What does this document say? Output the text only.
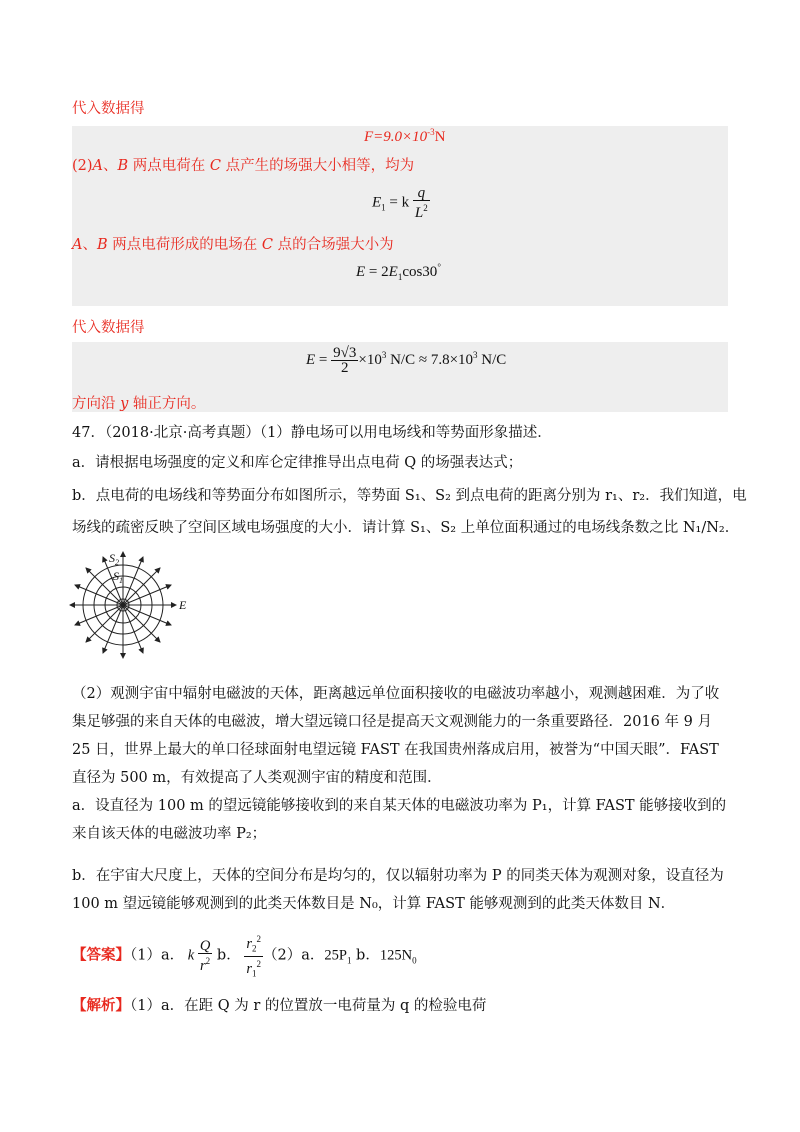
代入数据得
$F=9.0\times 10^{-3}N$
(2)A、B 两点电荷在 C 点产生的场强大小相等，均为
$E_1 = k \frac{q}{L^2}$
A、B 两点电荷形成的电场在 C 点的合场强大小为
$E = 2E_1\cos 30^\circ$
代入数据得
$E = \frac{9√3}{2} \times 10^3$ $N/C \approx 7.8\times 10^3$ N/C
方向沿 y 轴正方向。
47．（2018·北京·高考真题）（1）静电场可以用电场线和等势面形象描述．
a．请根据电场强度的定义和库仑定律推导出点电荷 Q 的场强表达式；
b．点电荷的电场线和等势面分布如图所示，等势面 S₁、S₂ 到点电荷的距离分别为 r₁、r₂．我们知道，电
场线的疏密反映了空间区域电场强度的大小．请计算 S₁、S₂ 上单位面积通过的电场线条数之比 N₁/N₂．
$S_2$
$S_1$
E
（2）观测宇宙中辐射电磁波的天体，距离越远单位面积接收的电磁波功率越小，观测越困难．为了收集足够强的来自天体的电磁波，增大望远镜口径是提高天文观测能力的一条重要路径．2016 年 9 月 25 日，世界上最大的单口径球面射电望远镜 FAST 在我国贵州落成启用，被誉为“中国天眼”．FAST 直径为 500 m，有效提高了人类观测宇宙的精度和范围．
a．设直径为 100 m 的望远镜能够接收到的来自某天体的电磁波功率为 P₁，计算 FAST 能够接收到的来自该天体的电磁波功率 P₂；
b．在宇宙大尺度上，天体的空间分布是均匀的，仅以辐射功率为 P 的同类天体为观测对象，设直径为 100 m 望远镜能够观测到的此类天体数目是 N₀，计算 FAST 能够观测到的此类天体数目 N．
【答案】（1）a． k $\frac{Q}{r^2}$ b． $\frac{r_2^2}{r_1^2} (2)a$．$25P_1$ b．$125N_0$
【解析】（1）a．在距 Q 为 r 的位置放一电荷量为 q 的检验电荷
